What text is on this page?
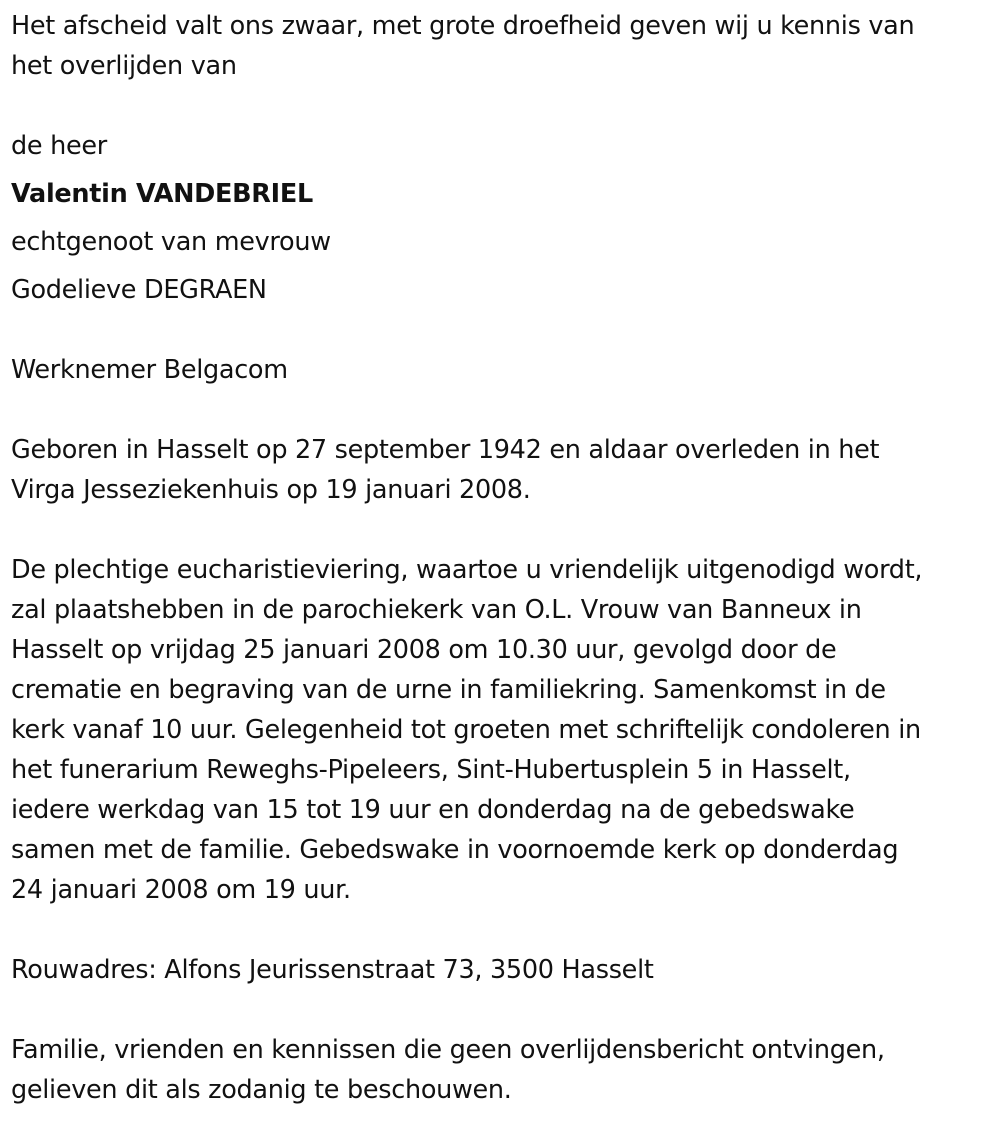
Het afscheid valt ons zwaar, met grote droefheid geven wij u kennis van
het overlijden van

de heer
Valentin VANDEBRIEL
echtgenoot van mevrouw
Godelieve DEGRAEN

Werknemer Belgacom

Geboren in Hasselt op 27 september 1942 en aldaar overleden in het
Virga Jesseziekenhuis op 19 januari 2008.

De plechtige eucharistieviering, waartoe u vriendelijk uitgenodigd wordt,
zal plaatshebben in de parochiekerk van O.L. Vrouw van Banneux in
Hasselt op vrijdag 25 januari 2008 om 10.30 uur, gevolgd door de
crematie en begraving van de urne in familiekring. Samenkomst in de
kerk vanaf 10 uur. Gelegenheid tot groeten met schriftelijk condoleren in
het funerarium Reweghs-Pipeleers, Sint-Hubertusplein 5 in Hasselt,
iedere werkdag van 15 tot 19 uur en donderdag na de gebedswake
samen met de familie. Gebedswake in voornoemde kerk op donderdag
24 januari 2008 om 19 uur.

Rouwadres: Alfons Jeurissenstraat 73, 3500 Hasselt

Familie, vrienden en kennissen die geen overlijdensbericht ontvingen,
gelieven dit als zodanig te beschouwen.
